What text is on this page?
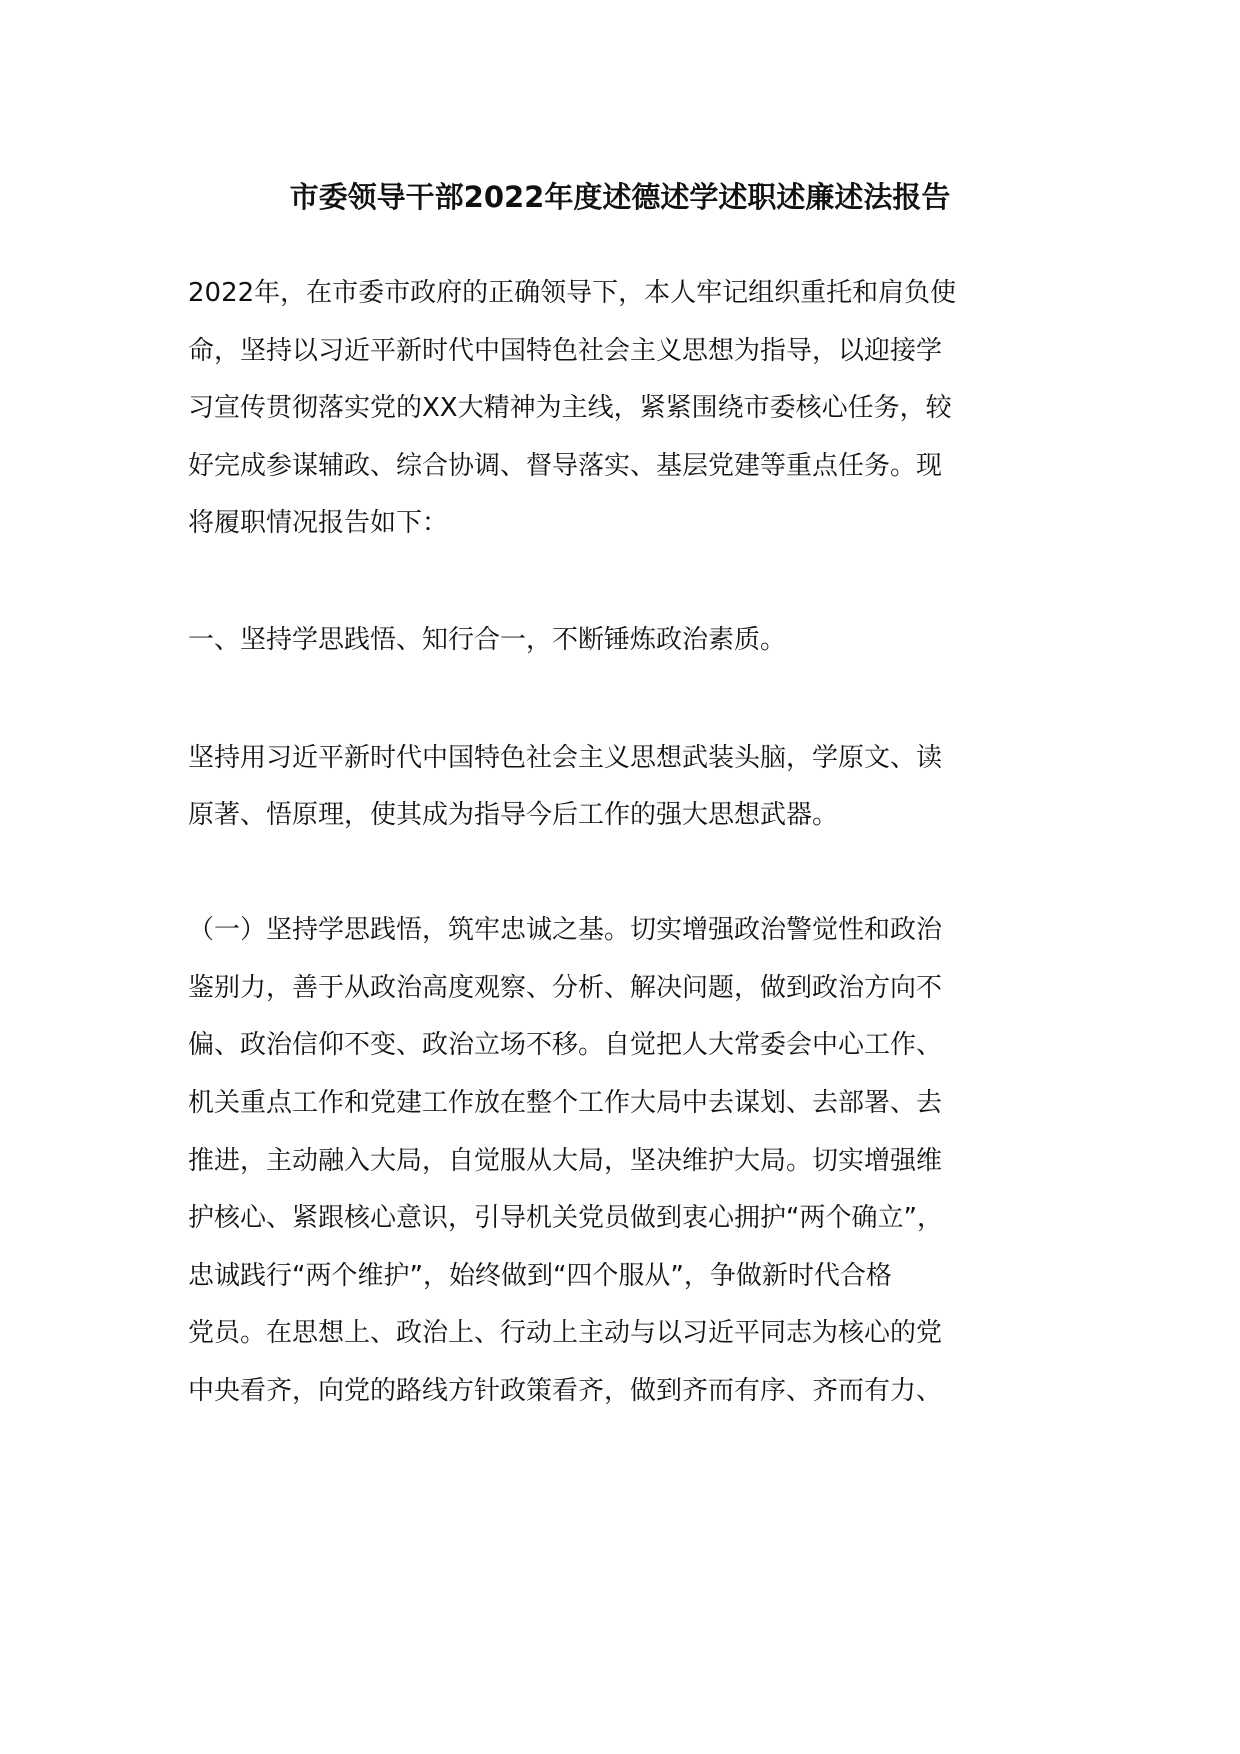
市委领导干部2022年度述德述学述职述廉述法报告
2022年，在市委市政府的正确领导下，本人牢记组织重托和肩负使
命，坚持以习近平新时代中国特色社会主义思想为指导，以迎接学
习宣传贯彻落实党的XX大精神为主线，紧紧围绕市委核心任务，较
好完成参谋辅政、综合协调、督导落实、基层党建等重点任务。现
将履职情况报告如下：
一、坚持学思践悟、知行合一，不断锤炼政治素质。
坚持用习近平新时代中国特色社会主义思想武装头脑，学原文、读
原著、悟原理，使其成为指导今后工作的强大思想武器。
（一）坚持学思践悟，筑牢忠诚之基。切实增强政治警觉性和政治
鉴别力，善于从政治高度观察、分析、解决问题，做到政治方向不
偏、政治信仰不变、政治立场不移。自觉把人大常委会中心工作、
机关重点工作和党建工作放在整个工作大局中去谋划、去部署、去
推进，主动融入大局，自觉服从大局，坚决维护大局。切实增强维
护核心、紧跟核心意识，引导机关党员做到衷心拥护“两个确立”，
忠诚践行“两个维护”，始终做到“四个服从”，争做新时代合格
党员。在思想上、政治上、行动上主动与以习近平同志为核心的党
中央看齐，向党的路线方针政策看齐，做到齐而有序、齐而有力、
